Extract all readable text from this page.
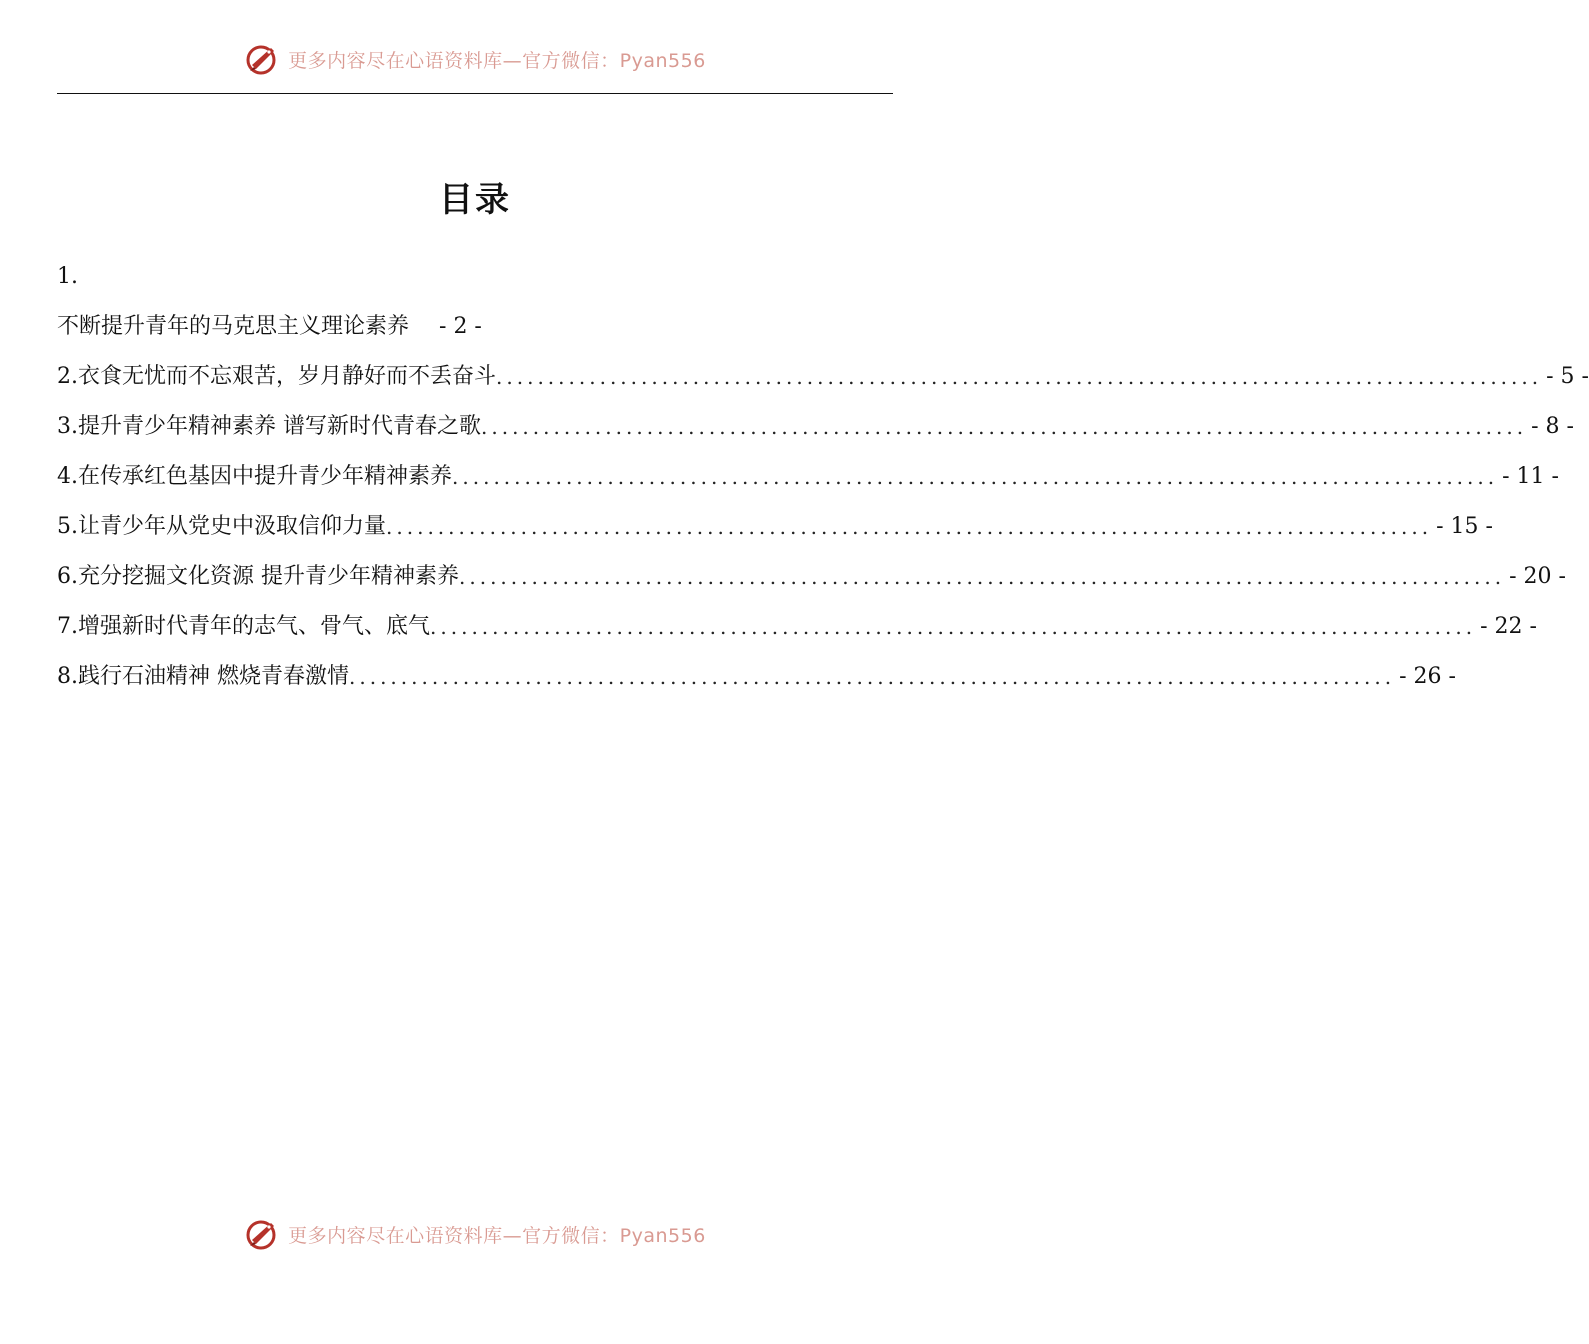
更多内容尽在心语资料库—官方微信：Pyan556
目录
1.
不断提升青年的马克思主义理论素养 - 2 -
2.衣食无忧而不忘艰苦，岁月静好而不丢奋斗 ..................................................................................................... - 5 -
3.提升青少年精神素养 谱写新时代青春之歌 ..................................................................................................... - 8 -
4.在传承红色基因中提升青少年精神素养 ..................................................................................................... - 11 -
5.让青少年从党史中汲取信仰力量 ..................................................................................................... - 15 -
6.充分挖掘文化资源 提升青少年精神素养 ..................................................................................................... - 20 -
7.增强新时代青年的志气、骨气、底气 ..................................................................................................... - 22 -
8.践行石油精神 燃烧青春激情 ..................................................................................................... - 26 -
更多内容尽在心语资料库—官方微信：Pyan556
